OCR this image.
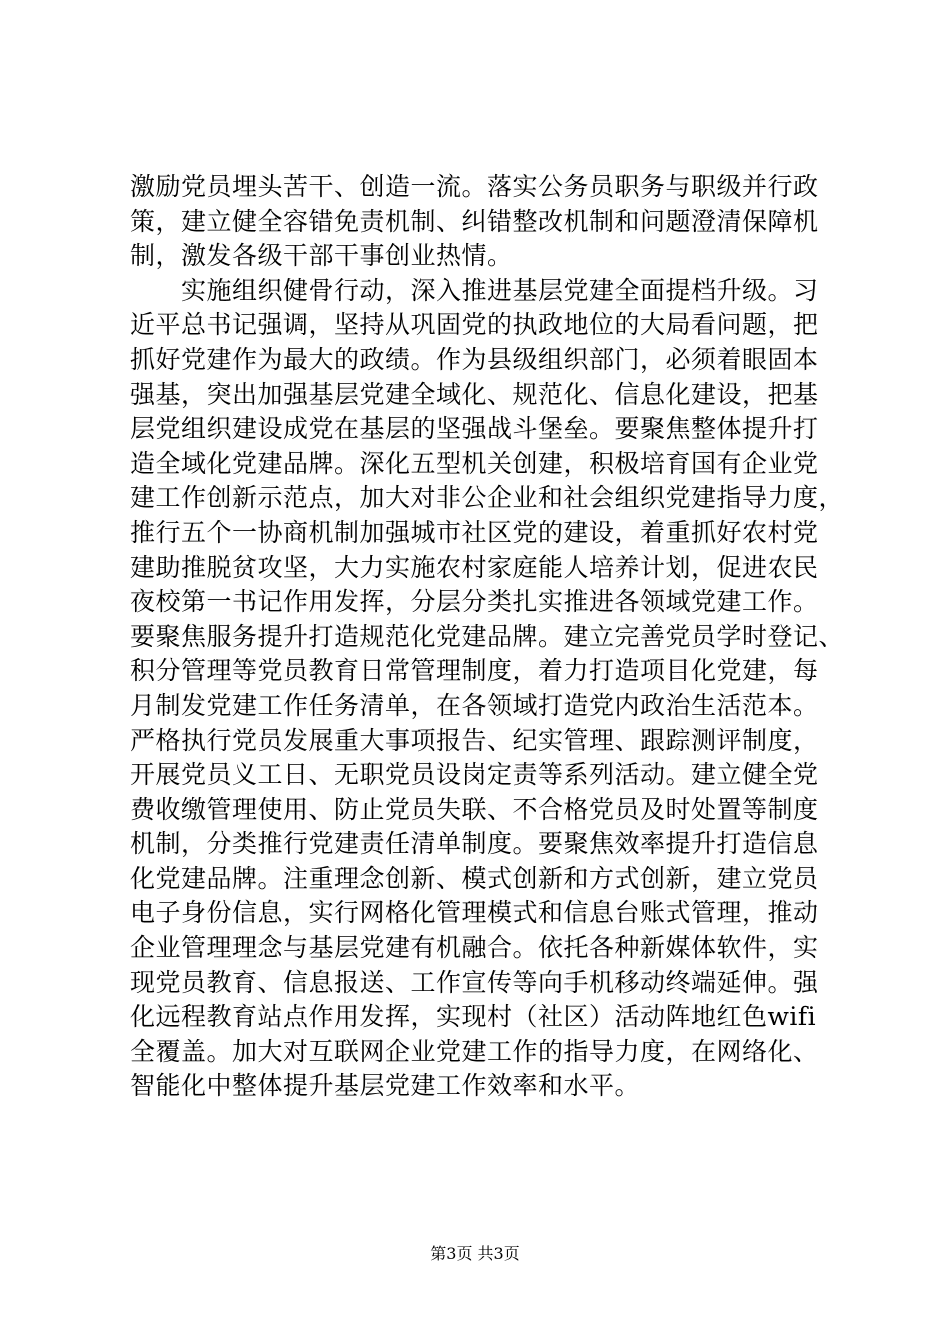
激励党员埋头苦干、创造一流。落实公务员职务与职级并行政
策，建立健全容错免责机制、纠错整改机制和问题澄清保障机
制，激发各级干部干事创业热情。
　　实施组织健骨行动，深入推进基层党建全面提档升级。习
近平总书记强调，坚持从巩固党的执政地位的大局看问题，把
抓好党建作为最大的政绩。作为县级组织部门，必须着眼固本
强基，突出加强基层党建全域化、规范化、信息化建设，把基
层党组织建设成党在基层的坚强战斗堡垒。要聚焦整体提升打
造全域化党建品牌。深化五型机关创建，积极培育国有企业党
建工作创新示范点，加大对非公企业和社会组织党建指导力度，
推行五个一协商机制加强城市社区党的建设，着重抓好农村党
建助推脱贫攻坚，大力实施农村家庭能人培养计划，促进农民
夜校第一书记作用发挥，分层分类扎实推进各领域党建工作。
要聚焦服务提升打造规范化党建品牌。建立完善党员学时登记、
积分管理等党员教育日常管理制度，着力打造项目化党建，每
月制发党建工作任务清单，在各领域打造党内政治生活范本。
严格执行党员发展重大事项报告、纪实管理、跟踪测评制度，
开展党员义工日、无职党员设岗定责等系列活动。建立健全党
费收缴管理使用、防止党员失联、不合格党员及时处置等制度
机制，分类推行党建责任清单制度。要聚焦效率提升打造信息
化党建品牌。注重理念创新、模式创新和方式创新，建立党员
电子身份信息，实行网格化管理模式和信息台账式管理，推动
企业管理理念与基层党建有机融合。依托各种新媒体软件，实
现党员教育、信息报送、工作宣传等向手机移动终端延伸。强
化远程教育站点作用发挥，实现村（社区）活动阵地红色wifi
全覆盖。加大对互联网企业党建工作的指导力度，在网络化、
智能化中整体提升基层党建工作效率和水平。
第3页 共3页
